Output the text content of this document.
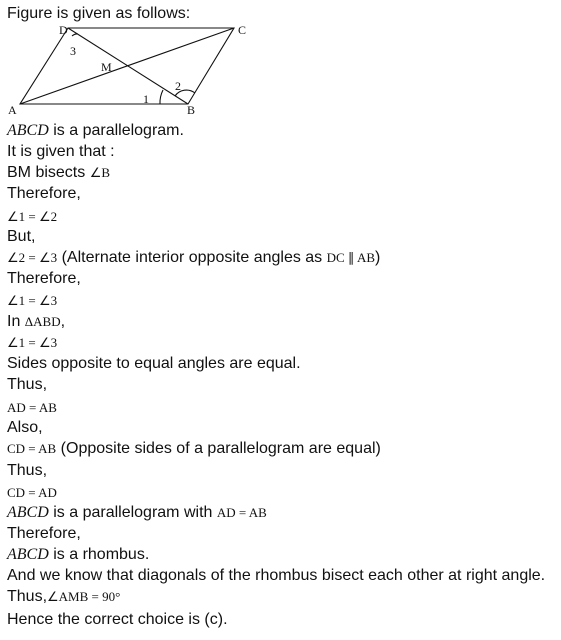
Figure is given as follows:
D	C
A	B
M
3
1
2
ABCD is a parallelogram.
It is given that :
BM bisects ∠B
Therefore,
∠1 = ∠2
But,
∠2 = ∠3 (Alternate interior opposite angles as DC ∥ AB)
Therefore,
∠1 = ∠3
In ΔABD,
∠1 = ∠3
Sides opposite to equal angles are equal.
Thus,
AD = AB
Also,
CD = AB (Opposite sides of a parallelogram are equal)
Thus,
CD = AD
ABCD is a parallelogram with AD = AB
Therefore,
ABCD is a rhombus.
And we know that diagonals of the rhombus bisect each other at right angle.
Thus,∠AMB = 90°
Hence the correct choice is (c).
